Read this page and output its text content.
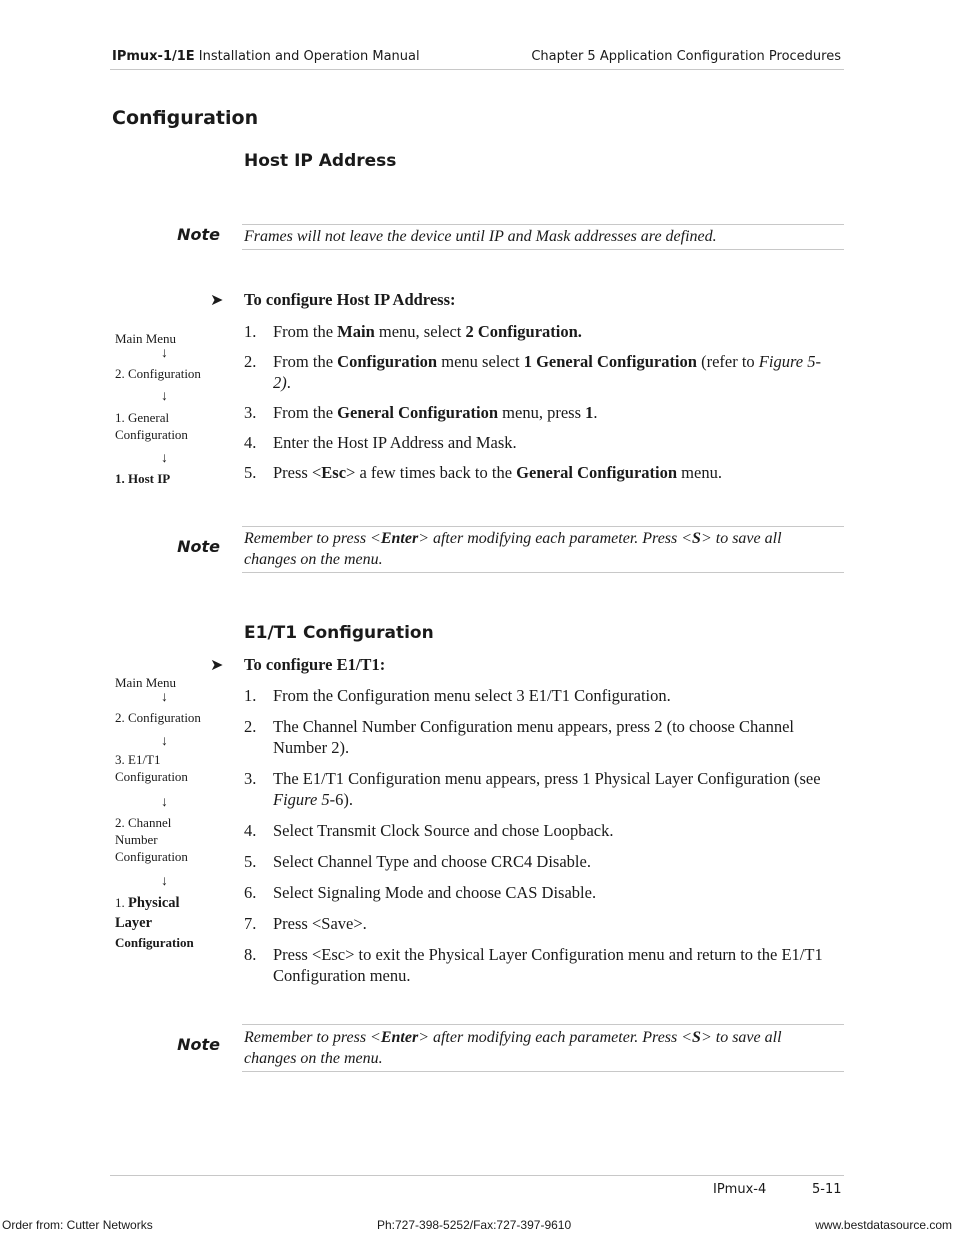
IPmux-1/1E Installation and Operation Manual	Chapter 5 Application Configuration Procedures
Configuration
Host IP Address
Note Frames will not leave the device until IP and Mask addresses are defined.
➤ To configure Host IP Address:
1. From the Main menu, select 2 Configuration.
2. From the Configuration menu select 1 General Configuration (refer to Figure 5-2).
3. From the General Configuration menu, press 1.
4. Enter the Host IP Address and Mask.
5. Press <Esc> a few times back to the General Configuration menu.
Main Menu
↓
2. Configuration
↓
1. General
Configuration
↓
1. Host IP
Note Remember to press <Enter> after modifying each parameter. Press <S> to save all changes on the menu.
E1/T1 Configuration
➤ To configure E1/T1:
1. From the Configuration menu select 3 E1/T1 Configuration.
2. The Channel Number Configuration menu appears, press 2 (to choose Channel Number 2).
3. The E1/T1 Configuration menu appears, press 1 Physical Layer Configuration (see Figure 5-6).
4. Select Transmit Clock Source and chose Loopback.
5. Select Channel Type and choose CRC4 Disable.
6. Select Signaling Mode and choose CAS Disable.
7. Press <Save>.
8. Press <Esc> to exit the Physical Layer Configuration menu and return to the E1/T1 Configuration menu.
Main Menu
↓
2. Configuration
↓
3. E1/T1
Configuration
↓
2. Channel
Number
Configuration
↓
1. Physical
Layer
Configuration
Note Remember to press <Enter> after modifying each parameter. Press <S> to save all changes on the menu.
IPmux-4	5-11
Order from: Cutter Networks	Ph:727-398-5252/Fax:727-397-9610	www.bestdatasource.com
